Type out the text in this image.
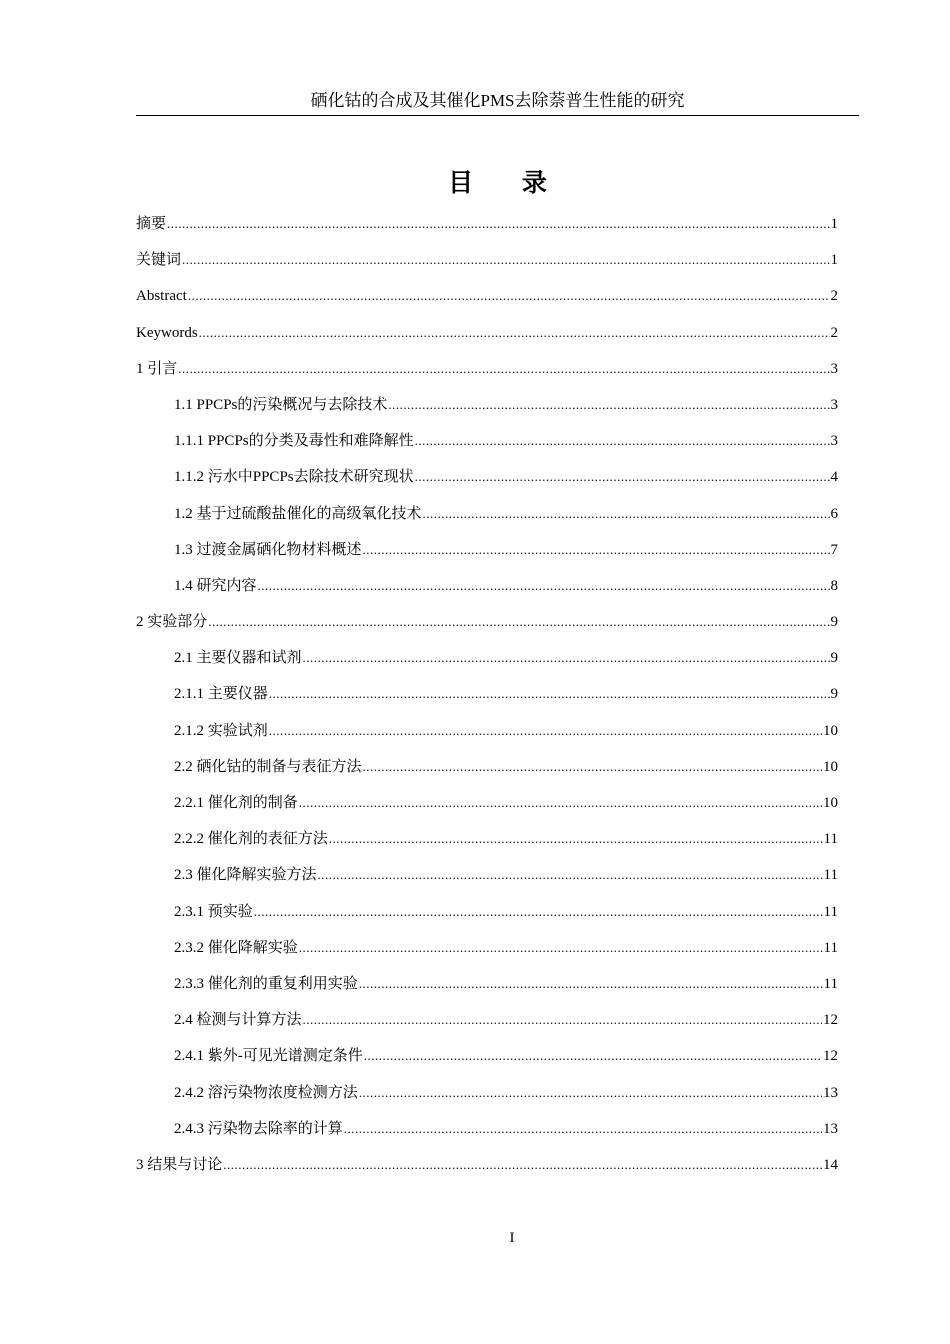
硒化钴的合成及其催化PMS去除萘普生性能的研究
目 录
摘要 .....	1
关键词 .....	1
Abstract .....	2
Keywords .....	2
1 引言 .....	3
1.1 PPCPs的污染概况与去除技术 .....	3
1.1.1 PPCPs的分类及毒性和难降解性 .....	3
1.1.2 污水中PPCPs去除技术研究现状 .....	4
1.2 基于过硫酸盐催化的高级氧化技术 .....	6
1.3 过渡金属硒化物材料概述 .....	7
1.4 研究内容 .....	8
2 实验部分 .....	9
2.1 主要仪器和试剂 .....	9
2.1.1 主要仪器 .....	9
2.1.2 实验试剂 .....	10
2.2 硒化钴的制备与表征方法 .....	10
2.2.1 催化剂的制备 .....	10
2.2.2 催化剂的表征方法 .....	11
2.3 催化降解实验方法 .....	11
2.3.1 预实验 .....	11
2.3.2 催化降解实验 .....	11
2.3.3 催化剂的重复利用实验 .....	11
2.4 检测与计算方法 .....	12
2.4.1 紫外-可见光谱测定条件 .....	12
2.4.2 溶污染物浓度检测方法 .....	13
2.4.3 污染物去除率的计算 .....	13
3 结果与讨论 .....	14
I
